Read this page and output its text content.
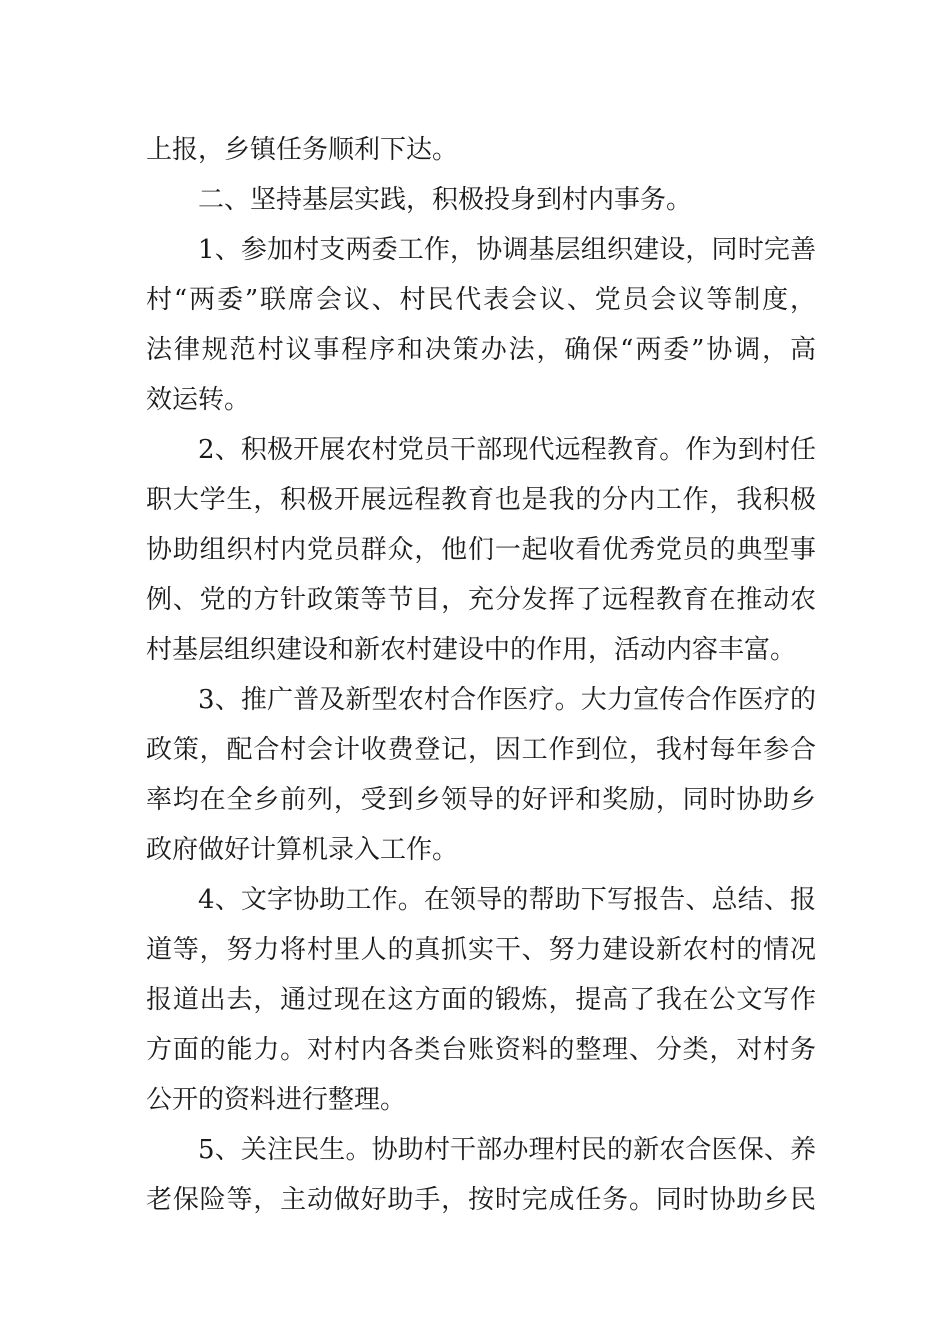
上报，乡镇任务顺利下达。
二、坚持基层实践，积极投身到村内事务。
1、参加村支两委工作，协调基层组织建设，同时完善
村“两委”联席会议、村民代表会议、党员会议等制度，
法律规范村议事程序和决策办法，确保“两委”协调，高
效运转。
2、积极开展农村党员干部现代远程教育。作为到村任
职大学生，积极开展远程教育也是我的分内工作，我积极
协助组织村内党员群众，他们一起收看优秀党员的典型事
例、党的方针政策等节目，充分发挥了远程教育在推动农
村基层组织建设和新农村建设中的作用，活动内容丰富。
3、推广普及新型农村合作医疗。大力宣传合作医疗的
政策，配合村会计收费登记，因工作到位，我村每年参合
率均在全乡前列，受到乡领导的好评和奖励，同时协助乡
政府做好计算机录入工作。
4、文字协助工作。在领导的帮助下写报告、总结、报
道等，努力将村里人的真抓实干、努力建设新农村的情况
报道出去，通过现在这方面的锻炼，提高了我在公文写作
方面的能力。对村内各类台账资料的整理、分类，对村务
公开的资料进行整理。
5、关注民生。协助村干部办理村民的新农合医保、养
老保险等，主动做好助手，按时完成任务。同时协助乡民
